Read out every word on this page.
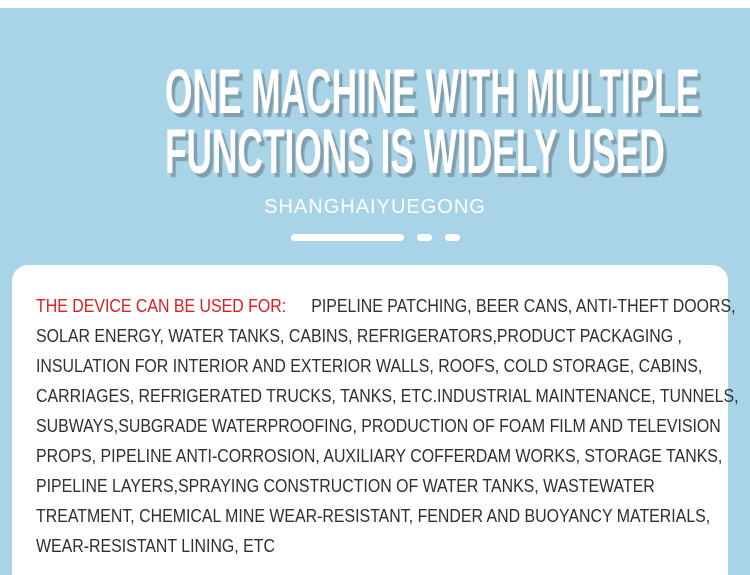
ONE MACHINE WITH MULTIPLE
FUNCTIONS IS WIDELY USED
SHANGHAIYUEGONG
THE DEVICE CAN BE USED FOR: PIPELINE PATCHING, BEER CANS, ANTI-THEFT DOORS,
SOLAR ENERGY, WATER TANKS, CABINS, REFRIGERATORS,PRODUCT PACKAGING ,
INSULATION FOR INTERIOR AND EXTERIOR WALLS, ROOFS, COLD STORAGE, CABINS,
CARRIAGES, REFRIGERATED TRUCKS, TANKS, ETC.INDUSTRIAL MAINTENANCE, TUNNELS,
SUBWAYS,SUBGRADE WATERPROOFING, PRODUCTION OF FOAM FILM AND TELEVISION
PROPS, PIPELINE ANTI-CORROSION, AUXILIARY COFFERDAM WORKS, STORAGE TANKS,
PIPELINE LAYERS,SPRAYING CONSTRUCTION OF WATER TANKS, WASTEWATER
TREATMENT, CHEMICAL MINE WEAR-RESISTANT, FENDER AND BUOYANCY MATERIALS,
WEAR-RESISTANT LINING, ETC
